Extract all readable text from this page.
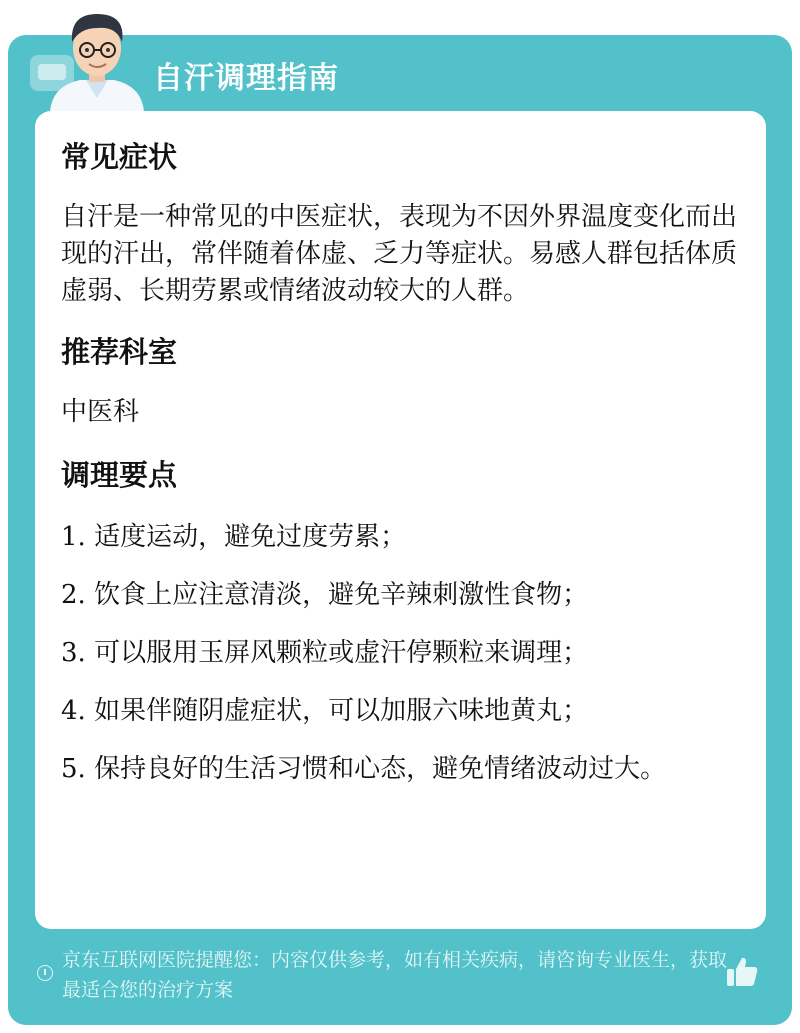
自汗调理指南
常见症状

自汗是一种常见的中医症状，表现为不因外界温度变化而出现的汗出，常伴随着体虚、乏力等症状。易感人群包括体质虚弱、长期劳累或情绪波动较大的人群。

推荐科室

中医科

调理要点

1. 适度运动，避免过度劳累；

2. 饮食上应注意清淡，避免辛辣刺激性食物；

3. 可以服用玉屏风颗粒或虚汗停颗粒来调理；

4. 如果伴随阴虚症状，可以加服六味地黄丸；

5. 保持良好的生活习惯和心态，避免情绪波动过大。

京东互联网医院提醒您：内容仅供参考，如有相关疾病，请咨询专业医生，获取最适合您的治疗方案
